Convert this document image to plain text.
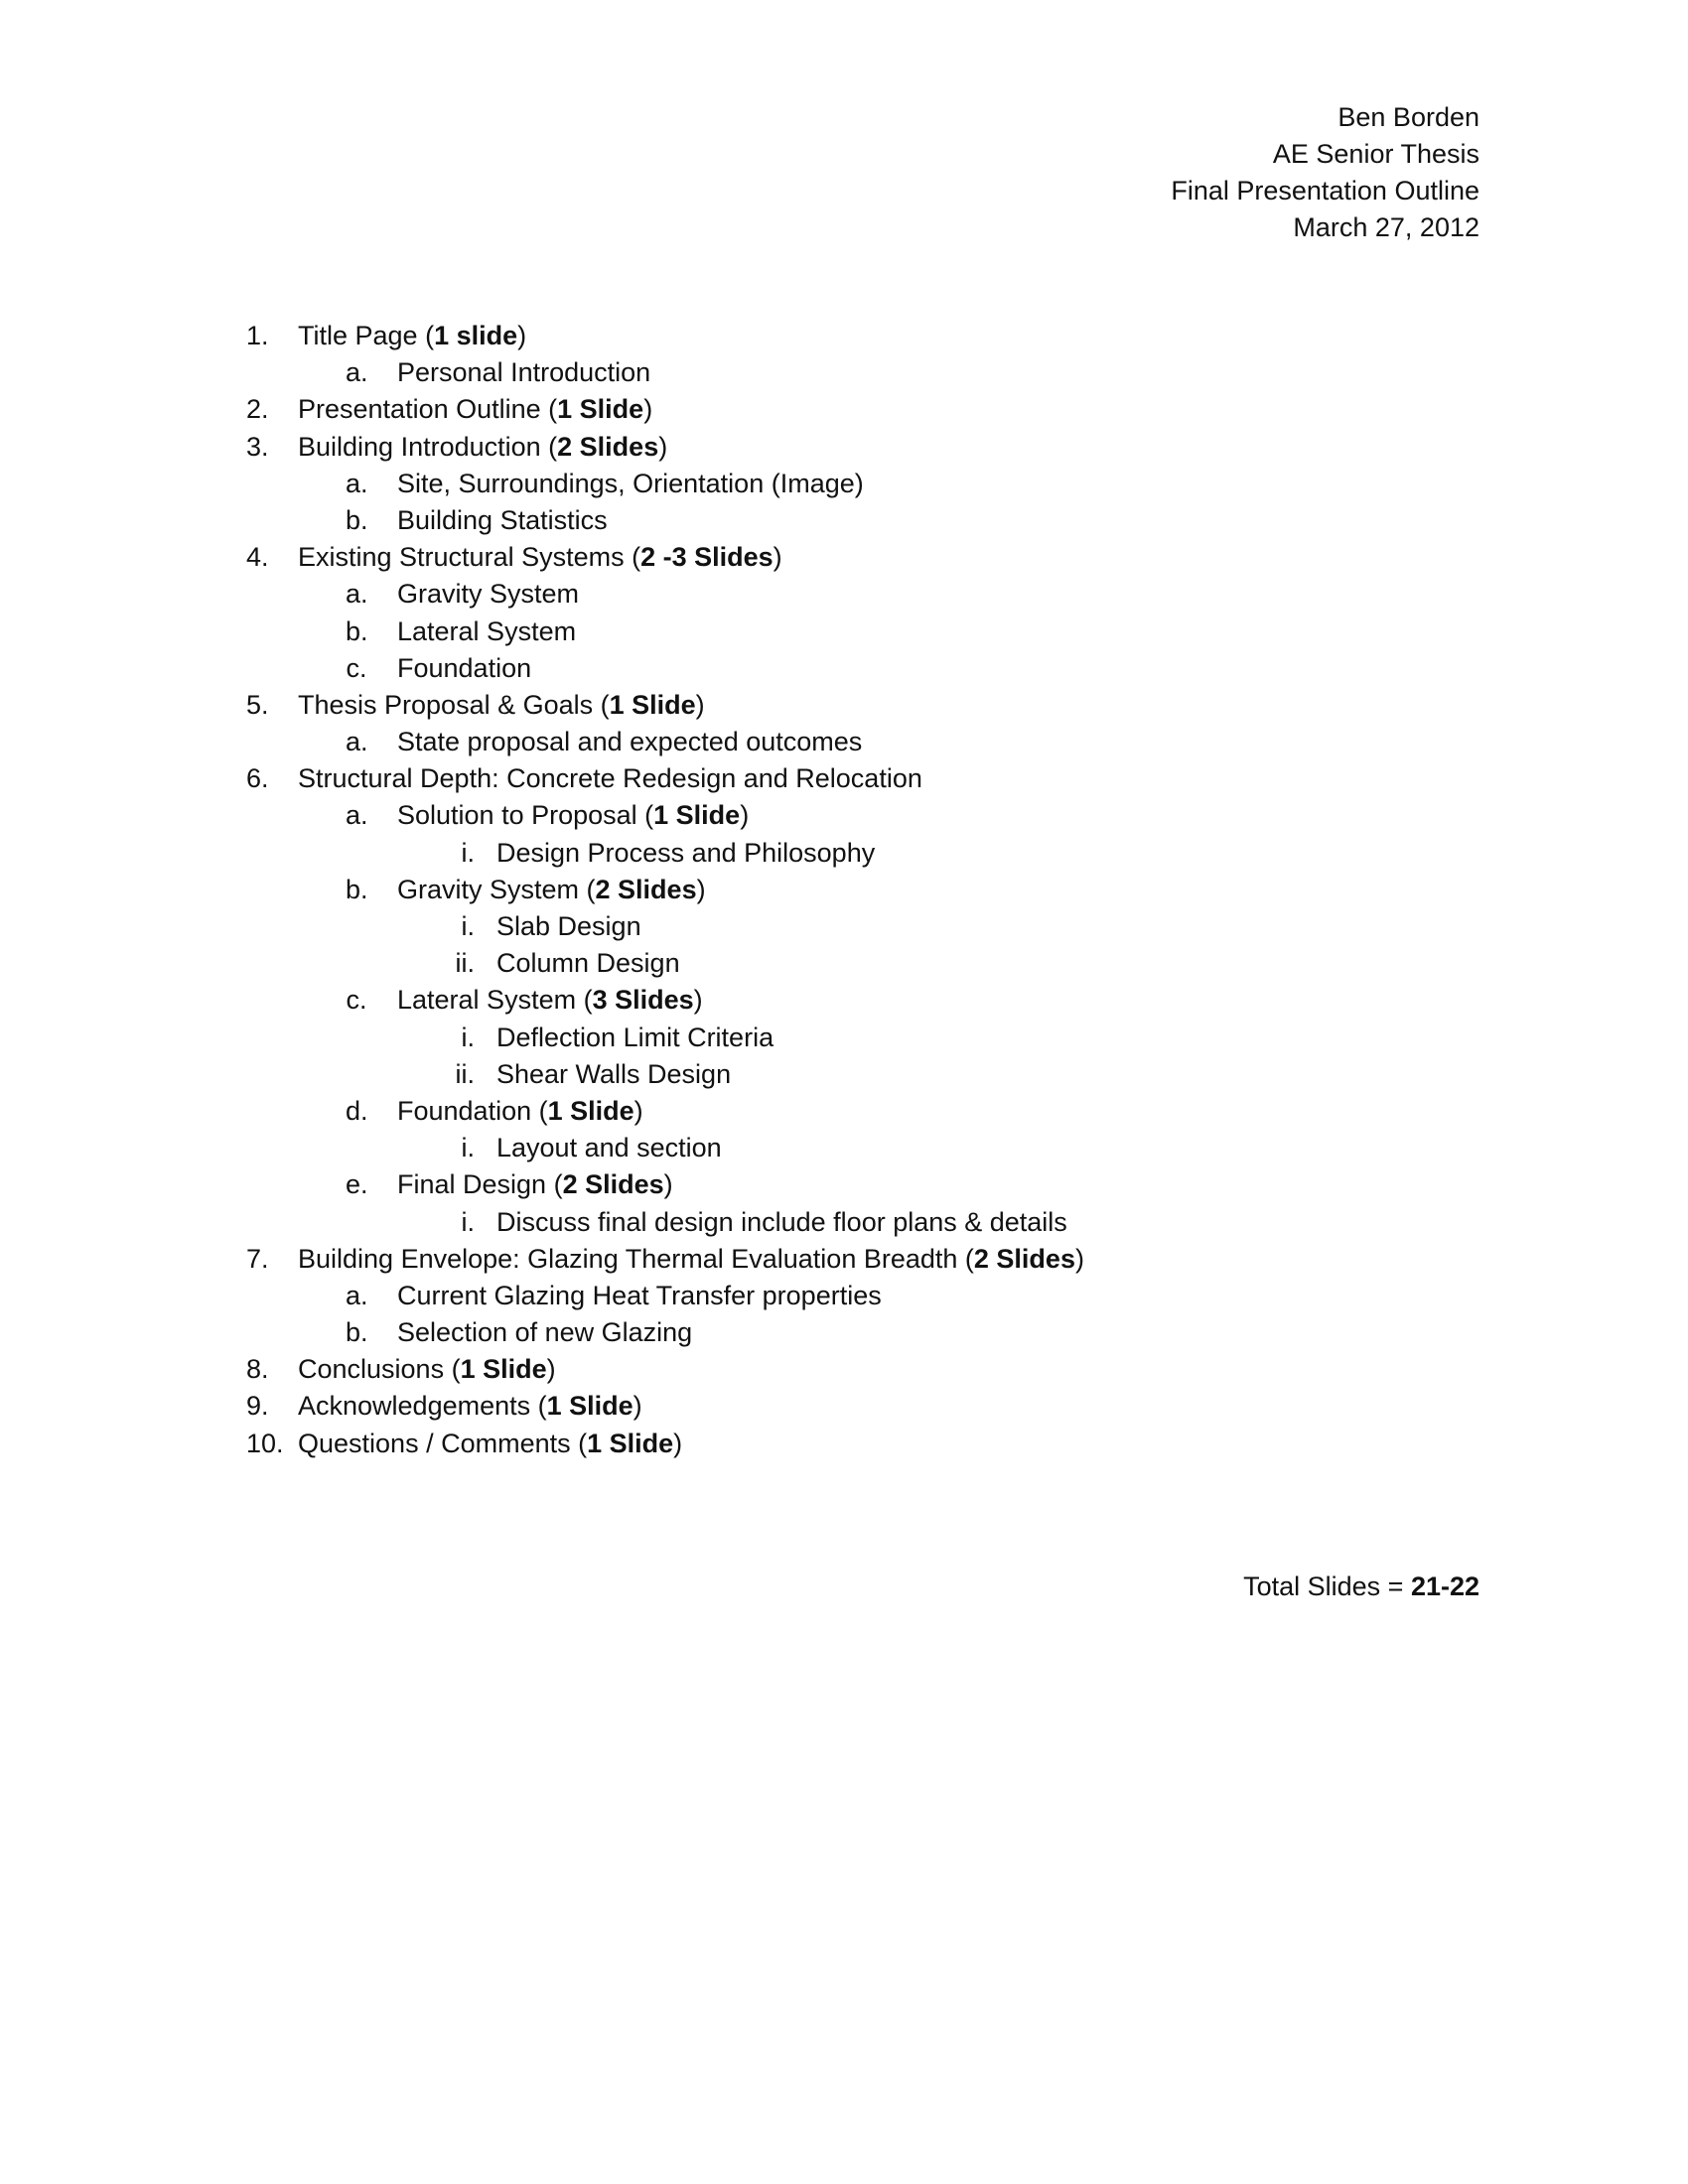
Ben Borden
AE Senior Thesis
Final Presentation Outline
March 27, 2012
1. Title Page (1 slide)
a. Personal Introduction
2. Presentation Outline (1 Slide)
3. Building Introduction (2 Slides)
a. Site, Surroundings, Orientation (Image)
b. Building Statistics
4. Existing Structural Systems (2 -3 Slides)
a. Gravity System
b. Lateral System
c. Foundation
5. Thesis Proposal & Goals (1 Slide)
a. State proposal and expected outcomes
6. Structural Depth: Concrete Redesign and Relocation
a. Solution to Proposal (1 Slide)
i. Design Process and Philosophy
b. Gravity System (2 Slides)
i. Slab Design
ii. Column Design
c. Lateral System (3 Slides)
i. Deflection Limit Criteria
ii. Shear Walls Design
d. Foundation (1 Slide)
i. Layout and section
e. Final Design (2 Slides)
i. Discuss final design include floor plans & details
7. Building Envelope: Glazing Thermal Evaluation Breadth (2 Slides)
a. Current Glazing Heat Transfer properties
b. Selection of new Glazing
8. Conclusions (1 Slide)
9. Acknowledgements (1 Slide)
10. Questions / Comments (1 Slide)
Total Slides = 21-22
